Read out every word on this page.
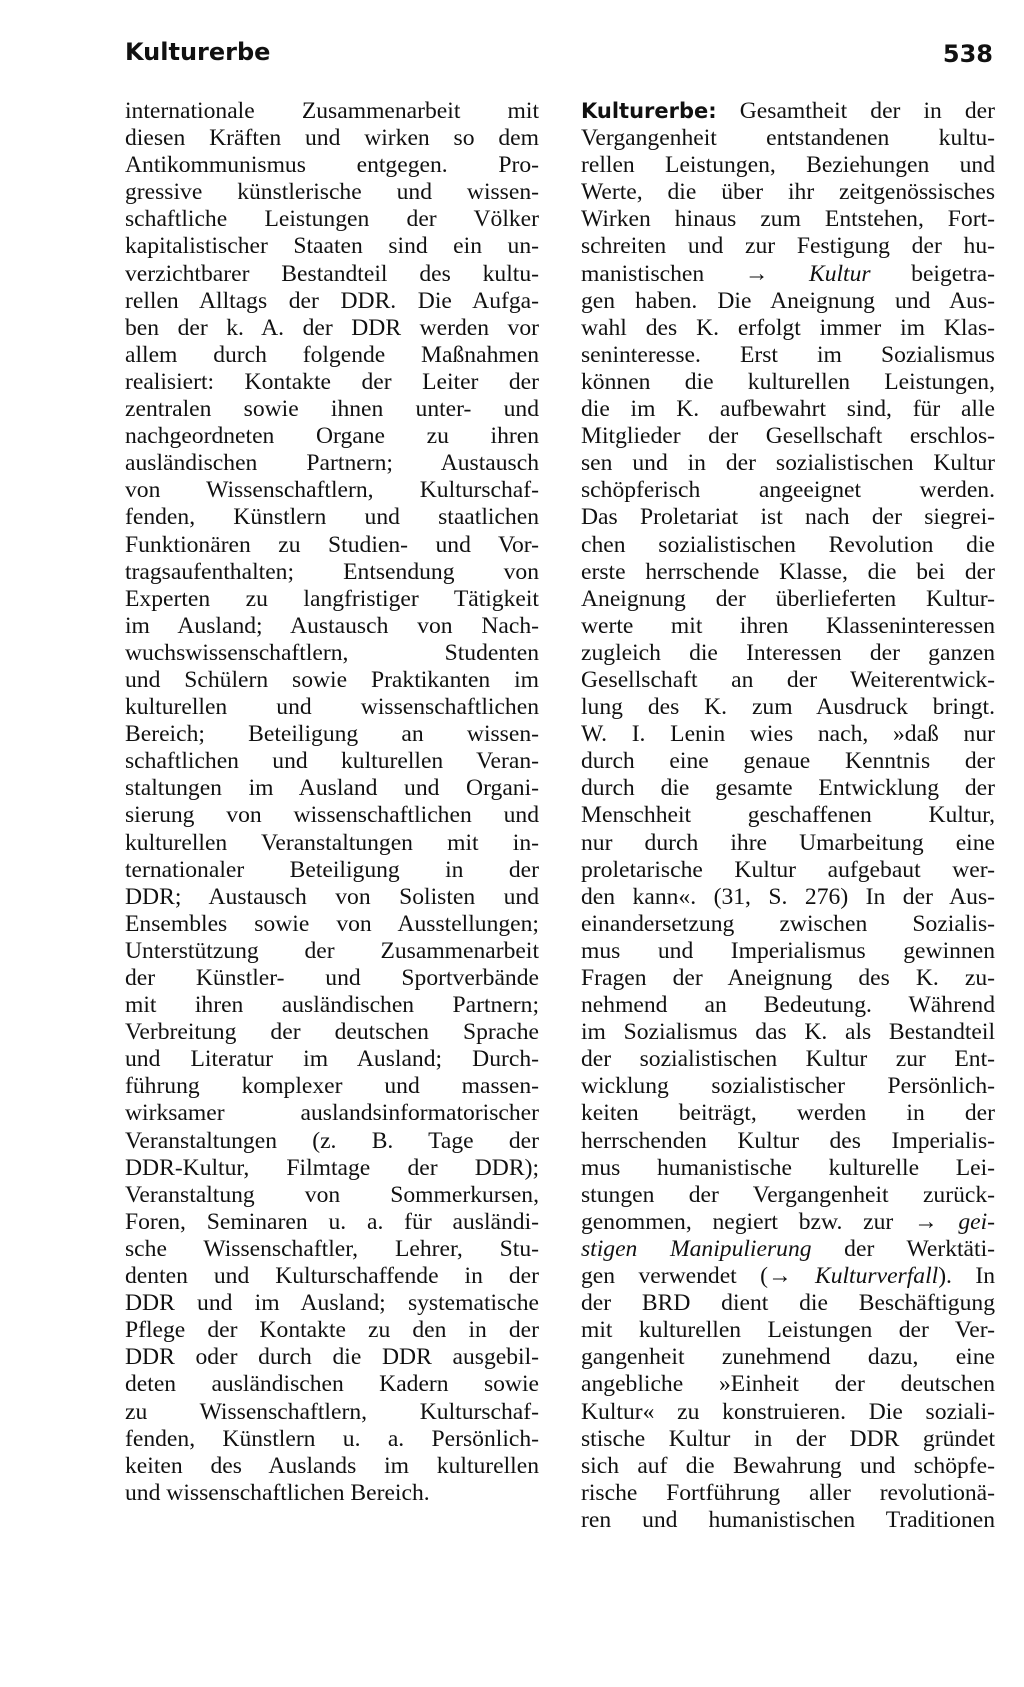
Kulturerbe	538
internationale Zusammenarbeit mit
diesen Kräften und wirken so dem
Antikommunismus entgegen. Pro-
gressive künstlerische und wissen-
schaftliche Leistungen der Völker
kapitalistischer Staaten sind ein un-
verzichtbarer Bestandteil des kultu-
rellen Alltags der DDR. Die Aufga-
ben der k. A. der DDR werden vor
allem durch folgende Maßnahmen
realisiert: Kontakte der Leiter der
zentralen sowie ihnen unter- und
nachgeordneten Organe zu ihren
ausländischen Partnern; Austausch
von Wissenschaftlern, Kulturschaf-
fenden, Künstlern und staatlichen
Funktionären zu Studien- und Vor-
tragsaufenthalten; Entsendung von
Experten zu langfristiger Tätigkeit
im Ausland; Austausch von Nach-
wuchswissenschaftlern, Studenten
und Schülern sowie Praktikanten im
kulturellen und wissenschaftlichen
Bereich; Beteiligung an wissen-
schaftlichen und kulturellen Veran-
staltungen im Ausland und Organi-
sierung von wissenschaftlichen und
kulturellen Veranstaltungen mit in-
ternationaler Beteiligung in der
DDR; Austausch von Solisten und
Ensembles sowie von Ausstellungen;
Unterstützung der Zusammenarbeit
der Künstler- und Sportverbände
mit ihren ausländischen Partnern;
Verbreitung der deutschen Sprache
und Literatur im Ausland; Durch-
führung komplexer und massen-
wirksamer auslandsinformatorischer
Veranstaltungen (z. B. Tage der
DDR-Kultur, Filmtage der DDR);
Veranstaltung von Sommerkursen,
Foren, Seminaren u. a. für ausländi-
sche Wissenschaftler, Lehrer, Stu-
denten und Kulturschaffende in der
DDR und im Ausland; systematische
Pflege der Kontakte zu den in der
DDR oder durch die DDR ausgebil-
deten ausländischen Kadern sowie
zu Wissenschaftlern, Kulturschaf-
fenden, Künstlern u. a. Persönlich-
keiten des Auslands im kulturellen
und wissenschaftlichen Bereich.
Kulturerbe: Gesamtheit der in der
Vergangenheit entstandenen kultu-
rellen Leistungen, Beziehungen und
Werte, die über ihr zeitgenössisches
Wirken hinaus zum Entstehen, Fort-
schreiten und zur Festigung der hu-
manistischen → Kultur beigetra-
gen haben. Die Aneignung und Aus-
wahl des K. erfolgt immer im Klas-
seninteresse. Erst im Sozialismus
können die kulturellen Leistungen,
die im K. aufbewahrt sind, für alle
Mitglieder der Gesellschaft erschlos-
sen und in der sozialistischen Kultur
schöpferisch angeeignet werden.
Das Proletariat ist nach der siegrei-
chen sozialistischen Revolution die
erste herrschende Klasse, die bei der
Aneignung der überlieferten Kultur-
werte mit ihren Klasseninteressen
zugleich die Interessen der ganzen
Gesellschaft an der Weiterentwick-
lung des K. zum Ausdruck bringt.
W. I. Lenin wies nach, »daß nur
durch eine genaue Kenntnis der
durch die gesamte Entwicklung der
Menschheit geschaffenen Kultur,
nur durch ihre Umarbeitung eine
proletarische Kultur aufgebaut wer-
den kann«. (31, S. 276) In der Aus-
einandersetzung zwischen Sozialis-
mus und Imperialismus gewinnen
Fragen der Aneignung des K. zu-
nehmend an Bedeutung. Während
im Sozialismus das K. als Bestandteil
der sozialistischen Kultur zur Ent-
wicklung sozialistischer Persönlich-
keiten beiträgt, werden in der
herrschenden Kultur des Imperialis-
mus humanistische kulturelle Lei-
stungen der Vergangenheit zurück-
genommen, negiert bzw. zur → gei-
stigen Manipulierung der Werktäti-
gen verwendet (→ Kulturverfall). In
der BRD dient die Beschäftigung
mit kulturellen Leistungen der Ver-
gangenheit zunehmend dazu, eine
angebliche »Einheit der deutschen
Kultur« zu konstruieren. Die soziali-
stische Kultur in der DDR gründet
sich auf die Bewahrung und schöpfe-
rische Fortführung aller revolutionä-
ren und humanistischen Traditionen
